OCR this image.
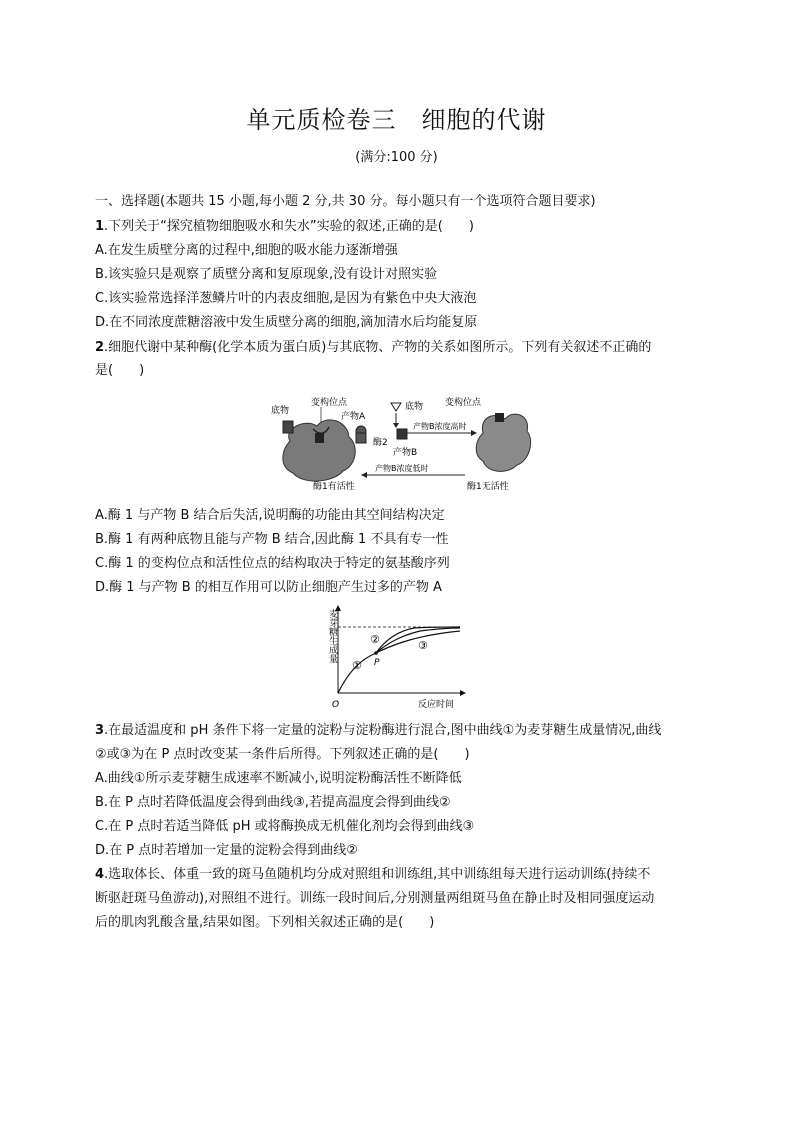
单元质检卷三　细胞的代谢
(满分:100 分)
一、选择题(本题共 15 小题,每小题 2 分,共 30 分。每小题只有一个选项符合题目要求)
1.下列关于“探究植物细胞吸水和失水”实验的叙述,正确的是(　　)
A.在发生质壁分离的过程中,细胞的吸水能力逐渐增强
B.该实验只是观察了质壁分离和复原现象,没有设计对照实验
C.该实验常选择洋葱鳞片叶的内表皮细胞,是因为有紫色中央大液泡
D.在不同浓度蔗糖溶液中发生质壁分离的细胞,滴加清水后均能复原
2.细胞代谢中某种酶(化学本质为蛋白质)与其底物、产物的关系如图所示。下列有关叙述不正确的
是(　　)
底物
变构位点
产物A
底物
酶2
产物B
产物B浓度高时
产物B浓度低时
变构位点
酶1有活性	酶1无活性
A.酶 1 与产物 B 结合后失活,说明酶的功能由其空间结构决定
B.酶 1 有两种底物且能与产物 B 结合,因此酶 1 不具有专一性
C.酶 1 的变构位点和活性位点的结构取决于特定的氨基酸序列
D.酶 1 与产物 B 的相互作用可以防止细胞产生过多的产物 A
麦芽糖生成量
反应时间
O
P
①
②	③
3.在最适温度和 pH 条件下将一定量的淀粉与淀粉酶进行混合,图中曲线①为麦芽糖生成量情况,曲线
②或③为在 P 点时改变某一条件后所得。下列叙述正确的是(　　)
A.曲线①所示麦芽糖生成速率不断减小,说明淀粉酶活性不断降低
B.在 P 点时若降低温度会得到曲线③,若提高温度会得到曲线②
C.在 P 点时若适当降低 pH 或将酶换成无机催化剂均会得到曲线③
D.在 P 点时若增加一定量的淀粉会得到曲线②
4.选取体长、体重一致的斑马鱼随机均分成对照组和训练组,其中训练组每天进行运动训练(持续不
断驱赶斑马鱼游动),对照组不进行。训练一段时间后,分别测量两组斑马鱼在静止时及相同强度运动
后的肌肉乳酸含量,结果如图。下列相关叙述正确的是(　　)
